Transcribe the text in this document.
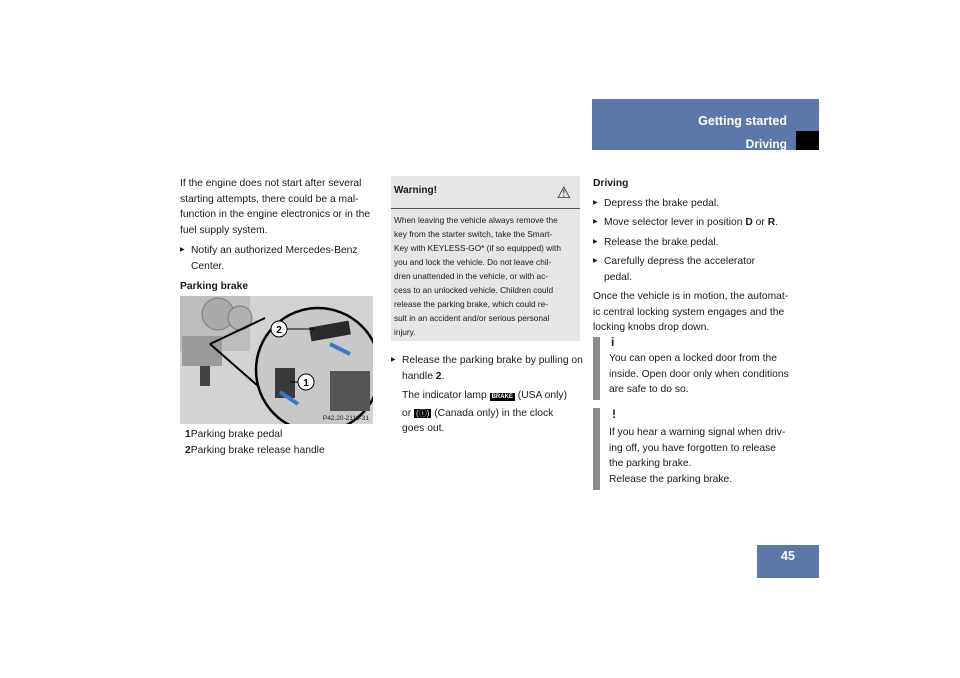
Getting started
Driving

If the engine does not start after several

starting attempts, there could be a mal-

function in the engine electronics or in the

fuel supply system.

▶ Notify an authorized Mercedes-Benz

Center.

Parking brake

2
1
P42.20-2118-31

1Parking brake pedal

2Parking brake release handle

Warning!	⚠
When leaving the vehicle always remove the
key from the starter switch, take the Smart-
Key with KEYLESS-GO* (if so equipped) with
you and lock the vehicle. Do not leave chil-
dren unattended in the vehicle, or with ac-
cess to an unlocked vehicle. Children could
release the parking brake, which could re-
sult in an accident and/or serious personal
injury.

▶ Release the parking brake by pulling on

handle 2.

The indicator lamp BRAKE (USA only)

or (ⓘ) (Canada only) in the clock

goes out.

Driving

▶ Depress the brake pedal.

▶ Move selector lever in position D or R.

▶ Release the brake pedal.

▶ Carefully depress the accelerator

pedal.

Once the vehicle is in motion, the automat-

ic central locking system engages and the

locking knobs drop down.

i

You can open a locked door from the

inside. Open door only when conditions

are safe to do so.

!

If you hear a warning signal when driv-

ing off, you have forgotten to release

the parking brake.

Release the parking brake.

45
